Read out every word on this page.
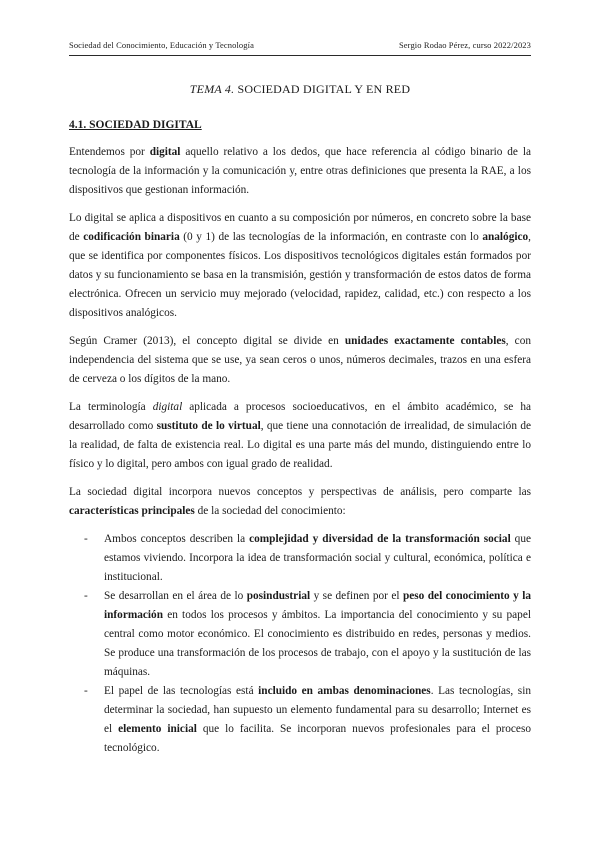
Sociedad del Conocimiento, Educación y Tecnología	Sergio Rodao Pérez, curso 2022/2023
TEMA 4. SOCIEDAD DIGITAL Y EN RED
4.1. SOCIEDAD DIGITAL

Entendemos por digital aquello relativo a los dedos, que hace referencia al código binario de la tecnología de la información y la comunicación y, entre otras definiciones que presenta la RAE, a los dispositivos que gestionan información.

Lo digital se aplica a dispositivos en cuanto a su composición por números, en concreto sobre la base de codificación binaria (0 y 1) de las tecnologías de la información, en contraste con lo analógico, que se identifica por componentes físicos. Los dispositivos tecnológicos digitales están formados por datos y su funcionamiento se basa en la transmisión, gestión y transformación de estos datos de forma electrónica. Ofrecen un servicio muy mejorado (velocidad, rapidez, calidad, etc.) con respecto a los dispositivos analógicos.

Según Cramer (2013), el concepto digital se divide en unidades exactamente contables, con independencia del sistema que se use, ya sean ceros o unos, números decimales, trazos en una esfera de cerveza o los dígitos de la mano.

La terminología digital aplicada a procesos socioeducativos, en el ámbito académico, se ha desarrollado como sustituto de lo virtual, que tiene una connotación de irrealidad, de simulación de la realidad, de falta de existencia real. Lo digital es una parte más del mundo, distinguiendo entre lo físico y lo digital, pero ambos con igual grado de realidad.

La sociedad digital incorpora nuevos conceptos y perspectivas de análisis, pero comparte las características principales de la sociedad del conocimiento:

-	Ambos conceptos describen la complejidad y diversidad de la transformación social que estamos viviendo. Incorpora la idea de transformación social y cultural, económica, política e institucional.
-	Se desarrollan en el área de lo posindustrial y se definen por el peso del conocimiento y la información en todos los procesos y ámbitos. La importancia del conocimiento y su papel central como motor económico. El conocimiento es distribuido en redes, personas y medios. Se produce una transformación de los procesos de trabajo, con el apoyo y la sustitución de las máquinas.
-	El papel de las tecnologías está incluido en ambas denominaciones. Las tecnologías, sin determinar la sociedad, han supuesto un elemento fundamental para su desarrollo; Internet es el elemento inicial que lo facilita. Se incorporan nuevos profesionales para el proceso tecnológico.
